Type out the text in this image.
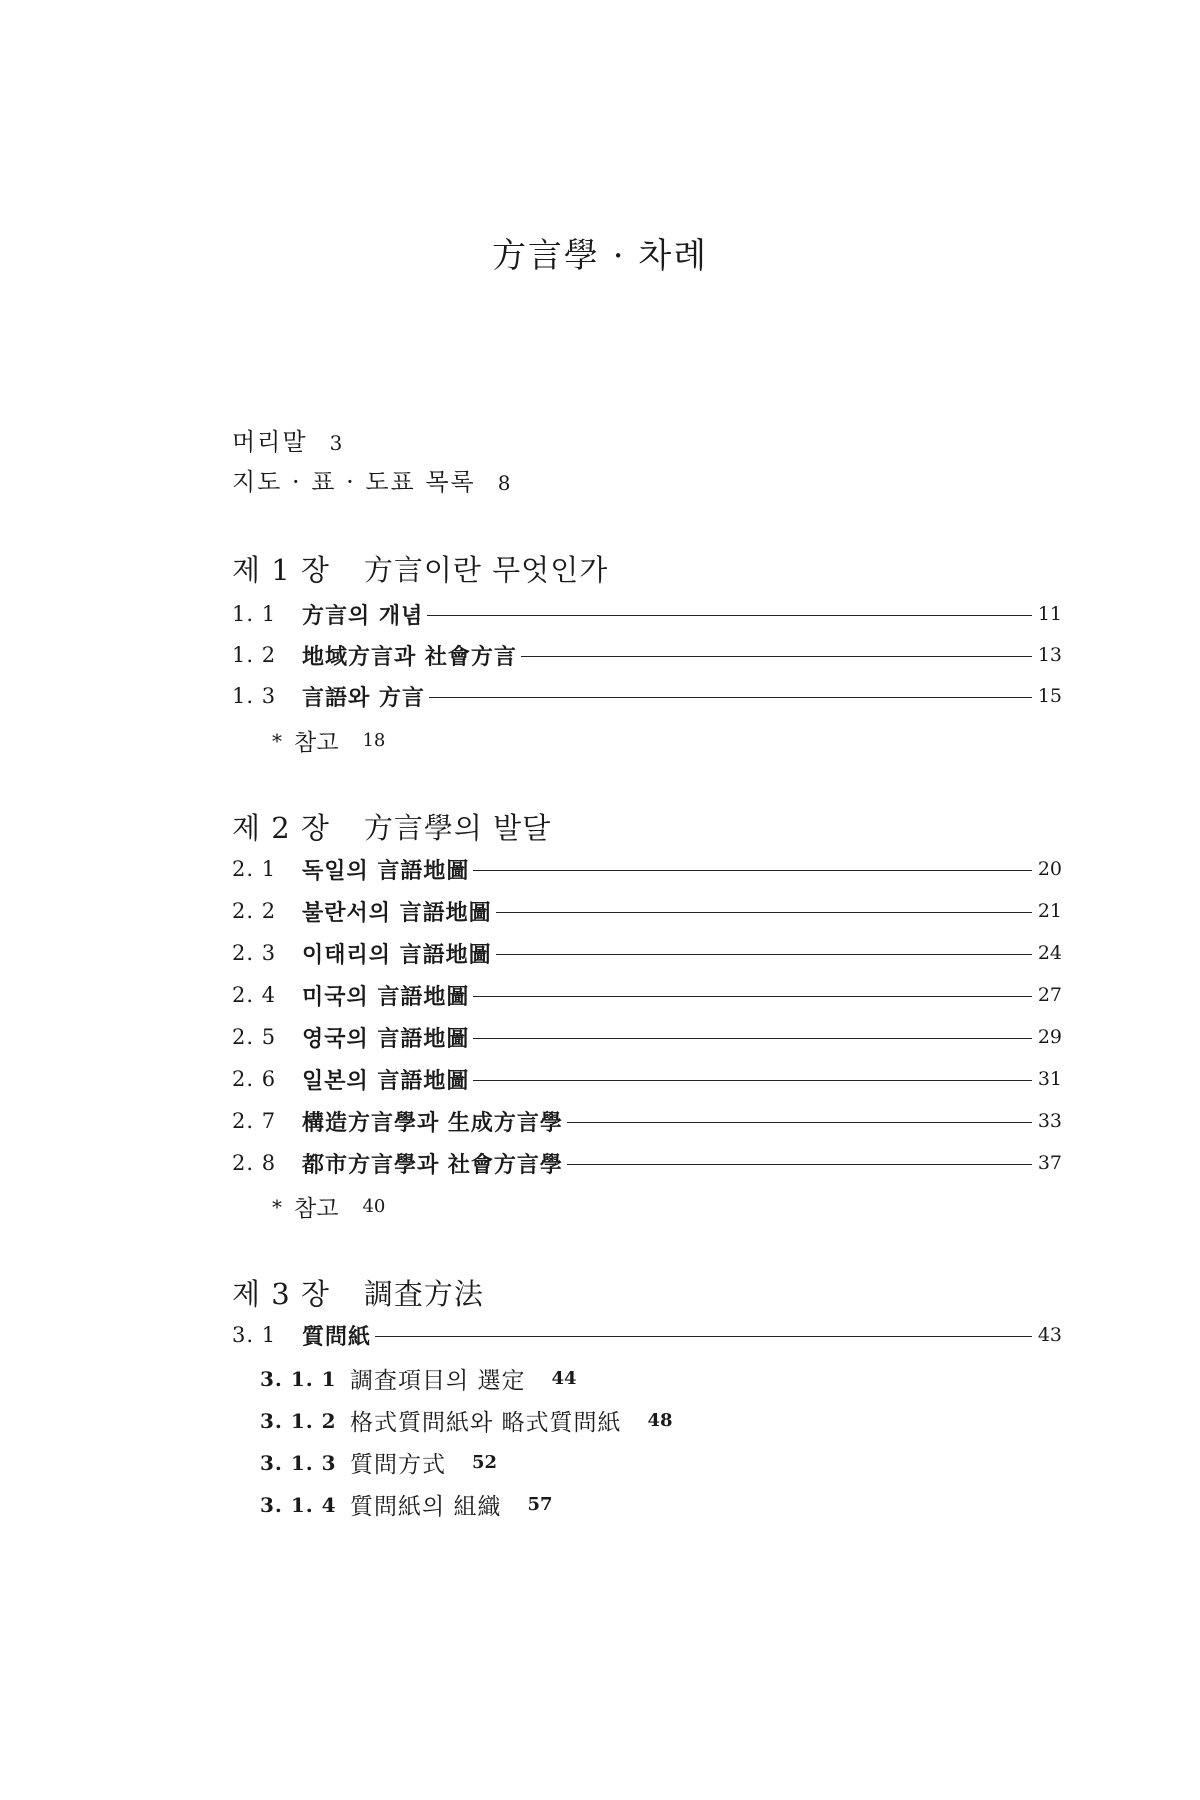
方言學 · 차례
머리말 3
지도 · 표 · 도표 목록 8
제 1 장 方言이란 무엇인가
1. 1	方言의 개념	11
1. 2	地域方言과 社會方言	13
1. 3	言語와 方言	15
* 참고 18
제 2 장 方言學의 발달
2. 1	독일의 言語地圖	20
2. 2	불란서의 言語地圖	21
2. 3	이태리의 言語地圖	24
2. 4	미국의 言語地圖	27
2. 5	영국의 言語地圖	29
2. 6	일본의 言語地圖	31
2. 7	構造方言學과 生成方言學	33
2. 8	都市方言學과 社會方言學	37
* 참고 40
제 3 장 調査方法
3. 1	質問紙	43
3. 1. 1 調査項目의 選定 44
3. 1. 2 格式質問紙와 略式質問紙 48
3. 1. 3 質問方式 52
3. 1. 4 質問紙의 組織 57
